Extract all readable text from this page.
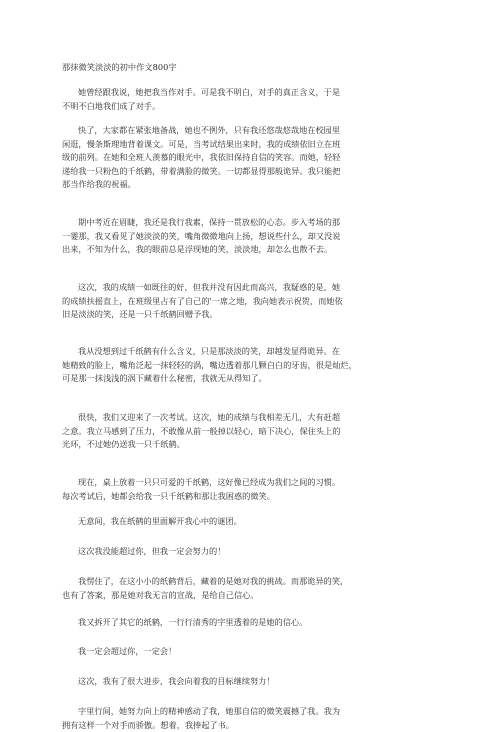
那抹微笑淡淡的初中作文800字

她曾经跟我说，她把我当作对手。可是我不明白，对手的真正含义，于是
不明不白地我们成了对手。

快了，大家都在紧张地备战，她也不例外，只有我还悠哉悠哉地在校园里
闲逛，慢条斯理地背着课文。可是，当考试结果出来时，我的成绩依旧立在班
级的前列。在她和全班人羡慕的眼光中，我依旧保持自信的笑容。而她，轻轻
递给我一只粉色的千纸鹤，带着满脸的微笑。一切都显得那般诡异。我只能把
那当作给我的祝福。

期中考近在眉睫，我还是我行我素，保持一贯放松的心态。步入考场的那
一霎那，我又看见了她淡淡的笑，嘴角微微地向上扬，想说些什么，却又没说
出来，不知为什么，我的眼前总是浮现她的笑，淡淡地，却怎么也散不去。

这次，我的成绩一如既往的好，但我并没有因此而高兴，我疑惑的是，她
的成绩扶摇直上，在班级里占有了自己的'一席之地，我向她表示祝贺，而她依
旧是淡淡的笑，还是一只千纸鹤回赠予我。

我从没想到过千纸鹤有什么含义，只是那淡淡的笑，却越发显得诡异。在
她精致的脸上，嘴角泛起一抹轻轻的涡，嘴边透着那几颗白白的牙齿，很是灿烂，
可是那一抹浅浅的涡下藏着什么秘密，我就无从得知了。

很快，我们又迎来了一次考试。这次，她的成绩与我相差无几，大有赶超
之意。我立马感到了压力，不敢像从前一般掉以轻心，暗下决心，保住头上的
光环，不过她仍送我一只千纸鹤。

现在，桌上放着一只只可爱的千纸鹤，这好像已经成为我们之间的习惯。
每次考试后，她都会给我一只千纸鹤和那让我困惑的微笑。

无意间，我在纸鹤的里面解开我心中的谜团。

这次我没能超过你，但我一定会努力的！

我愣住了，在这小小的纸鹤背后，藏着的是她对我的挑战。而那诡异的笑，
也有了答案，那是她对我无言的宣战，是给自己信心。

我又拆开了其它的纸鹤，一行行清秀的字里透着的是她的信心。

我一定会超过你，一定会！

这次，我有了很大进步，我会向着我的目标继续努力！

字里行间，她努力向上的精神感动了我，她那自信的微笑震撼了我。我为
拥有这样一个对手而骄傲。想着，我捧起了书。
